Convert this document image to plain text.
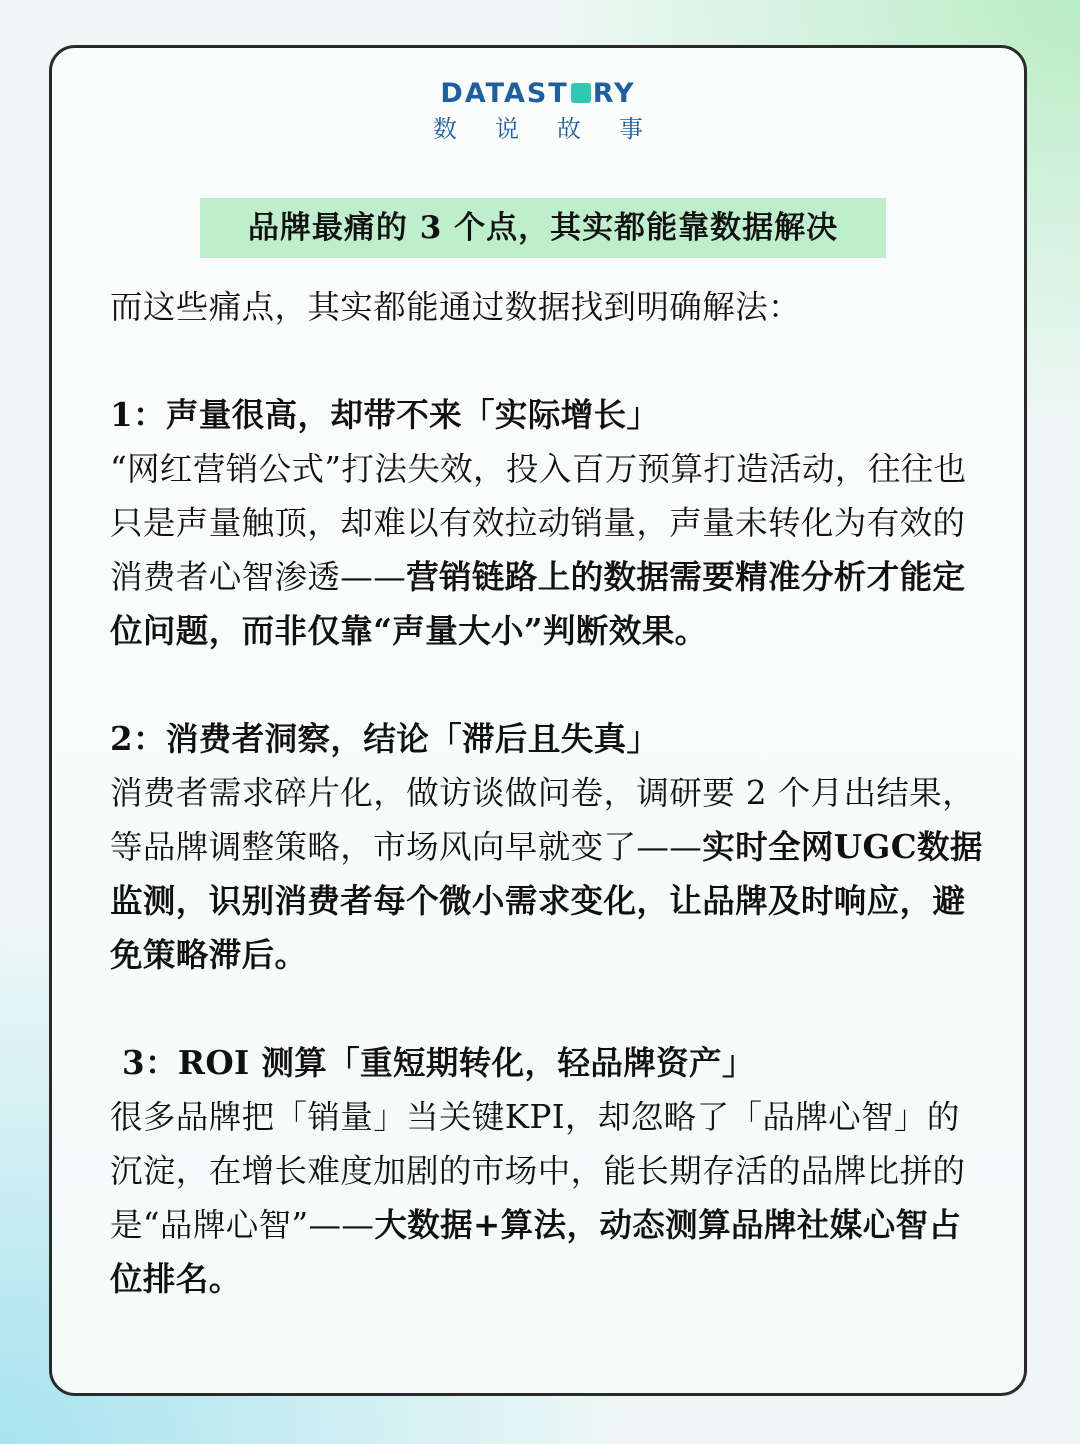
DATAST RY
数说故事
品牌最痛的 3 个点，其实都能靠数据解决

而这些痛点，其实都能通过数据找到明确解法：

1：声量很高，却带不来「实际增长」

“网红营销公式”打法失效，投入百万预算打造活动，往往也只是声量触顶，却难以有效拉动销量，声量未转化为有效的消费者心智渗透——营销链路上的数据需要精准分析才能定位问题，而非仅靠“声量大小”判断效果。

2：消费者洞察，结论「滞后且失真」

消费者需求碎片化，做访谈做问卷，调研要 2 个月出结果，等品牌调整策略，市场风向早就变了——实时全网UGC数据监测，识别消费者每个微小需求变化，让品牌及时响应，避免策略滞后。

3：ROI 测算「重短期转化，轻品牌资产」

很多品牌把「销量」当关键KPI，却忽略了「品牌心智」的沉淀，在增长难度加剧的市场中，能长期存活的品牌比拼的是“品牌心智”——大数据+算法，动态测算品牌社媒心智占位排名。
